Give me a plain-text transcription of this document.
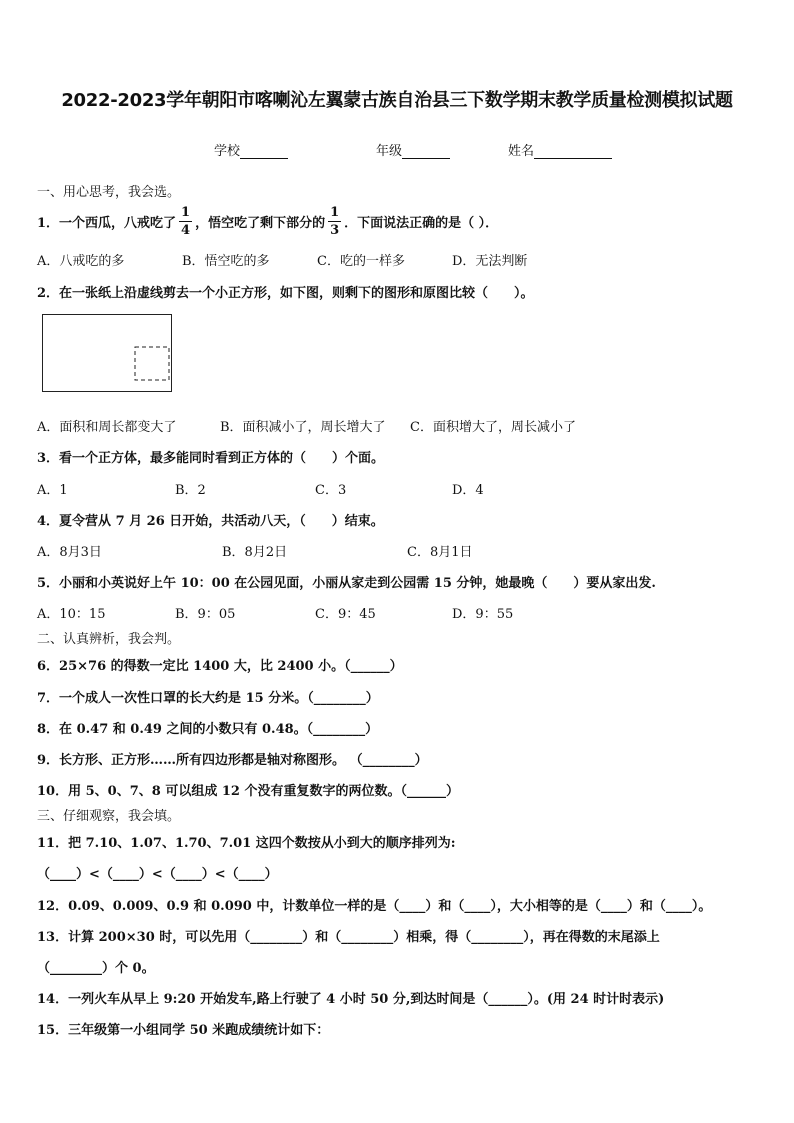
2022-2023学年朝阳市喀喇沁左翼蒙古族自治县三下数学期末教学质量检测模拟试题
学校	年级	姓名
一、用心思考，我会选。
1．一个西瓜，八戒吃了 $\frac{1}{4}$ ，悟空吃了剩下部分的 $\frac{1}{3}$ ．下面说法正确的是（ ）．
A．八戒吃的多	B．悟空吃的多	C．吃的一样多	D．无法判断
2．在一张纸上沿虚线剪去一个小正方形，如下图，则剩下的图形和原图比较（　　）。
A．面积和周长都变大了	B．面积减小了，周长增大了 C．面积增大了，周长减小了
3．看一个正方体，最多能同时看到正方体的（　　）个面。
A．1	B．2	C．3	D．4
4．夏令营从 7 月 26 日开始，共活动八天，（　　）结束。
A．8月3日	B．8月2日	C．8月1日
5．小丽和小英说好上午 10：00 在公园见面，小丽从家走到公园需 15 分钟，她最晚（　　）要从家出发.
A．10：15	B．9：05	C．9：45	D．9：55
二、认真辨析，我会判。
6．25×76 的得数一定比 1400 大，比 2400 小。（______）
7．一个成人一次性口罩的长大约是 15 分米。（________）
8．在 0.47 和 0.49 之间的小数只有 0.48。（________）
9．长方形、正方形……所有四边形都是轴对称图形。 （________）
10．用 5、0、7、8 可以组成 12 个没有重复数字的两位数。（______）
三、仔细观察，我会填。
11．把 7.10、1.07、1.70、7.01 这四个数按从小到大的顺序排列为:
（____）<（____）<（____）<（____）
12．0.09、0.009、0.9 和 0.090 中，计数单位一样的是（____）和（____），大小相等的是（____）和（____）。
13．计算 200×30 时，可以先用（________）和（________）相乘，得（________），再在得数的末尾添上
（________）个 0。
14．一列火车从早上 9:20 开始发车,路上行驶了 4 小时 50 分,到达时间是（______）。(用 24 时计时表示)
15．三年级第一小组同学 50 米跑成绩统计如下：
